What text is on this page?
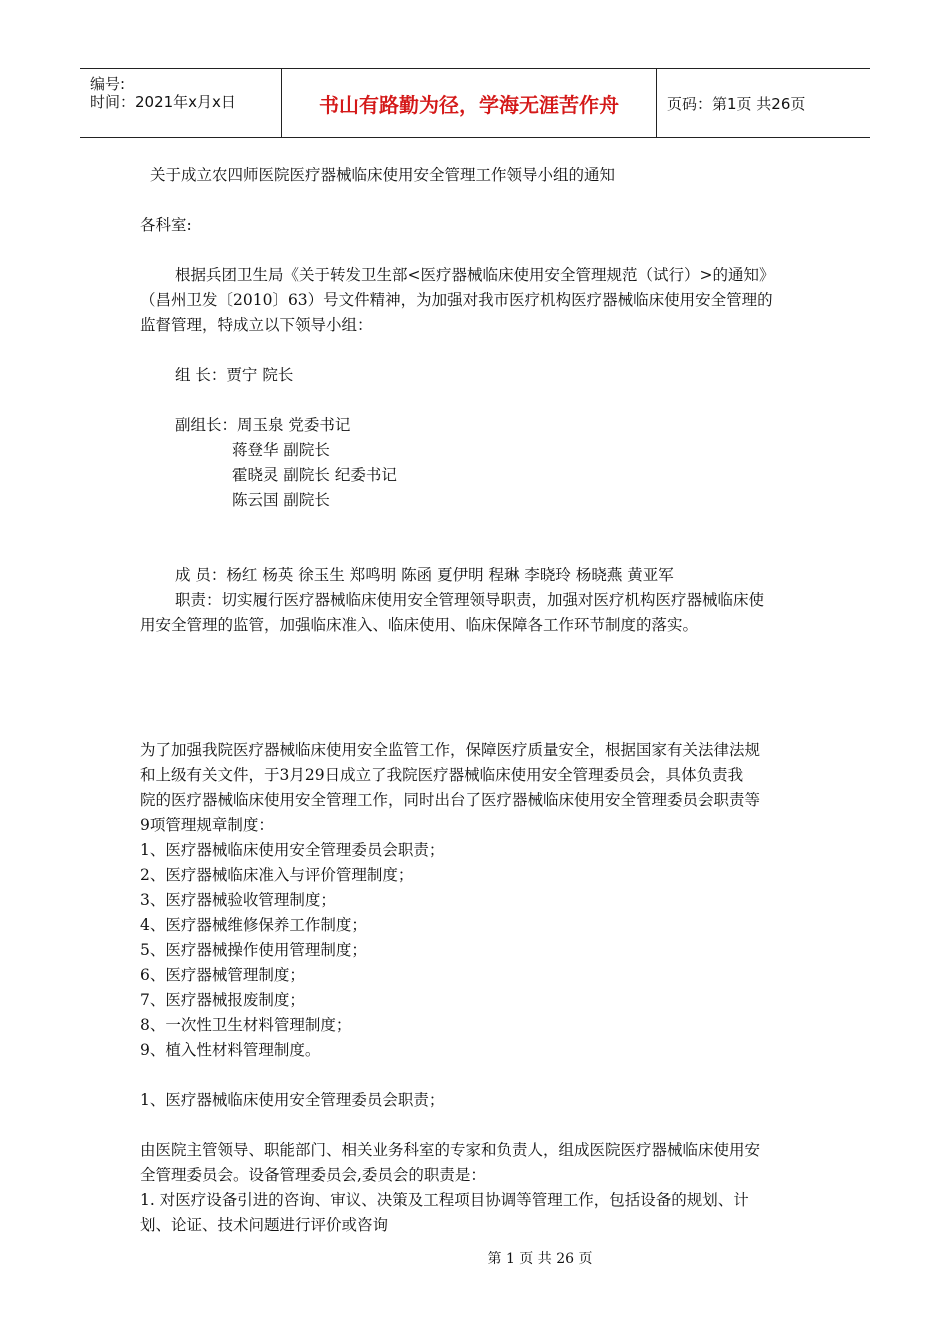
编号:
时间：2021年x月x日	书山有路勤为径，学海无涯苦作舟	页码：第1页 共26页
关于成立农四师医院医疗器械临床使用安全管理工作领导小组的通知
各科室:
根据兵团卫生局《关于转发卫生部<医疗器械临床使用安全管理规范（试行）>的通知》
（昌州卫发〔2010〕63）号文件精神，为加强对我市医疗机构医疗器械临床使用安全管理的
监督管理，特成立以下领导小组：
组 长：贾宁 院长
副组长：周玉泉 党委书记
蒋登华 副院长
霍晓灵 副院长 纪委书记
陈云国 副院长
成 员：杨红 杨英 徐玉生 郑鸣明 陈函 夏伊明 程琳 李晓玲 杨晓燕 黄亚军
职责：切实履行医疗器械临床使用安全管理领导职责，加强对医疗机构医疗器械临床使
用安全管理的监管，加强临床准入、临床使用、临床保障各工作环节制度的落实。
为了加强我院医疗器械临床使用安全监管工作，保障医疗质量安全，根据国家有关法律法规
和上级有关文件，于3月29日成立了我院医疗器械临床使用安全管理委员会，具体负责我
院的医疗器械临床使用安全管理工作，同时出台了医疗器械临床使用安全管理委员会职责等
9项管理规章制度：
1、医疗器械临床使用安全管理委员会职责；
2、医疗器械临床准入与评价管理制度；
3、医疗器械验收管理制度；
4、医疗器械维修保养工作制度；
5、医疗器械操作使用管理制度；
6、医疗器械管理制度；
7、医疗器械报废制度；
8、一次性卫生材料管理制度；
9、植入性材料管理制度。
1、医疗器械临床使用安全管理委员会职责；
由医院主管领导、职能部门、相关业务科室的专家和负责人，组成医院医疗器械临床使用安
全管理委员会。设备管理委员会,委员会的职责是：
1. 对医疗设备引进的咨询、审议、决策及工程项目协调等管理工作，包括设备的规划、计
划、论证、技术问题进行评价或咨询
第 1 页 共 26 页
